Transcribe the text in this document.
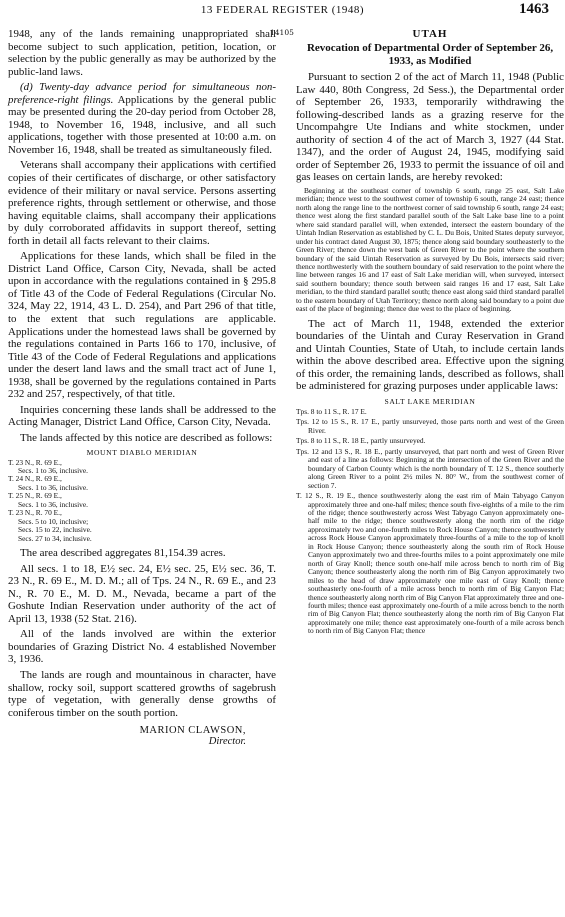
13 FEDERAL REGISTER (1948)	1463

1948, any of the lands remaining unappropriated shall become subject to such application, petition, location, or selection by the public generally as may be authorized by the public-land laws.

(d) Twenty-day advance period for simultaneous non-preference-right filings. Applications by the general public may be presented during the 20-day period from October 28, 1948, to November 16, 1948, inclusive, and all such applications, together with those presented at 10:00 a.m. on November 16, 1948, shall be treated as simultaneously filed.

Veterans shall accompany their applications with certified copies of their certificates of discharge, or other satisfactory evidence of their military or naval service. Persons asserting preference rights, through settlement or otherwise, and those having equitable claims, shall accompany their applications by duly corroborated affidavits in support thereof, setting forth in detail all facts relevant to their claims.

Applications for these lands, which shall be filed in the District Land Office, Carson City, Nevada, shall be acted upon in accordance with the regulations contained in § 295.8 of Title 43 of the Code of Federal Regulations (Circular No. 324, May 22, 1914, 43 L. D. 254), and Part 296 of that title, to the extent that such regulations are applicable. Applications under the homestead laws shall be governed by the regulations contained in Parts 166 to 170, inclusive, of Title 43 of the Code of Federal Regulations and applications under the desert land laws and the small tract act of June 1, 1938, shall be governed by the regulations contained in Parts 232 and 257, respectively, of that title.

Inquiries concerning these lands shall be addressed to the Acting Manager, District Land Office, Carson City, Nevada.

The lands affected by this notice are described as follows:

MOUNT DIABLO MERIDIAN

T. 23 N., R. 69 E.,
Secs. 1 to 36, inclusive.
T. 24 N., R. 69 E.,
Secs. 1 to 36, inclusive.
T. 25 N., R. 69 E.,
Secs. 1 to 36, inclusive.
T. 23 N., R. 70 E.,
Secs. 5 to 10, inclusive;
Secs. 15 to 22, inclusive.
Secs. 27 to 34, inclusive.

The area described aggregates 81,154.39 acres.

All secs. 1 to 18, E½ sec. 24, E½ sec. 25, E½ sec. 36, T. 23 N., R. 69 E., M. D. M.; all of Tps. 24 N., R. 69 E., and 23 N., R. 70 E., M. D. M., Nevada, became a part of the Goshute Indian Reservation under authority of the act of April 13, 1938 (52 Stat. 216).

All of the lands involved are within the exterior boundaries of Grazing District No. 4 established November 3, 1936.

The lands are rough and mountainous in character, have shallow, rocky soil, support scattered growths of sagebrush type of vegetation, with generally dense growths of coniferous timber on the south portion.

MARION CLAWSON,
Director.
14105	UTAH
Revocation of Departmental Order of September 26, 1933, as Modified

Pursuant to section 2 of the act of March 11, 1948 (Public Law 440, 80th Congress, 2d Sess.), the Departmental order of September 26, 1933, temporarily withdrawing the following-described lands as a grazing reserve for the Uncompahgre Ute Indians and white stockmen, under authority of section 4 of the act of March 3, 1927 (44 Stat. 1347), and the order of August 24, 1945, modifying said order of September 26, 1933 to permit the issuance of oil and gas leases on certain lands, are hereby revoked:

Beginning at the southeast corner of township 6 south, range 25 east, Salt Lake meridian; thence west to the southwest corner of township 6 south, range 24 east; thence north along the range line to the northwest corner of said township 6 south, range 24 east; thence west along the first standard parallel south of the Salt Lake base line to a point where said standard parallel will, when extended, intersect the eastern boundary of the Uintah Indian Reservation as established by C. L. Du Bois, United States deputy surveyor, under his contract dated August 30, 1875; thence along said boundary southeasterly to the Green River; thence down the west bank of Green River to the point where the southern boundary of the said Uintah Reservation as surveyed by Du Bois, intersects said river; thence northwesterly with the southern boundary of said reservation to the point where the line between ranges 16 and 17 east of Salt Lake meridian will, when surveyed, intersect said southern boundary; thence south between said ranges 16 and 17 east, Salt Lake meridian, to the third standard parallel south; thence east along said third standard parallel to the eastern boundary of Utah Territory; thence north along said boundary to a point due east of the place of beginning; thence due west to the place of beginning.

The act of March 11, 1948, extended the exterior boundaries of the Uintah and Curay Reservation in Grand and Uintah Counties, State of Utah, to include certain lands within the above described area. Effective upon the signing of this order, the remaining lands, described as follows, shall be administered for grazing purposes under applicable laws:

SALT LAKE MERIDIAN

Tps. 8 to 11 S., R. 17 E.

Tps. 12 to 15 S., R. 17 E., partly unsurveyed, those parts north and west of the Green River.

Tps. 8 to 11 S., R. 18 E., partly unsurveyed.

Tps. 12 and 13 S., R. 18 E., partly unsurveyed, that part north and west of Green River and east of a line as follows: Beginning at the intersection of the Green River and the boundary of Carbon County which is the north boundary of T. 12 S., thence southerly along Green River to a point 2½ miles N. 80° W., from the southwest corner of section 7.

T. 12 S., R. 19 E., thence southwesterly along the east rim of Main Tabyago Canyon approximately three and one-half miles; thence south five-eighths of a mile to the rim of the ridge; thence southwesterly across West Tabyago Canyon approximately one-half mile to the ridge; thence southwesterly along the north rim of the ridge approximately two and one-fourth miles to Rock House Canyon; thence southwesterly across Rock House Canyon approximately three-fourths of a mile to the top of knoll in Rock House Canyon; thence southeasterly along the south rim of Rock House Canyon approximately two and three-fourths miles to a point approximately one mile north of Gray Knoll; thence south one-half mile across bench to north rim of Big Canyon; thence southeasterly along the north rim of Big Canyon approximately two miles to the head of draw approximately one mile east of Gray Knoll; thence southeasterly one-fourth of a mile across bench to north rim of Big Canyon Flat; thence southeasterly along north rim of Big Canyon Flat approximately three and one-fourth miles; thence east approximately one-fourth of a mile across bench to the north rim of Big Canyon Flat; thence southeasterly along the north rim of Big Canyon Flat approximately one mile; thence east approximately one-fourth of a mile across bench to north rim of Big Canyon Flat; thence
